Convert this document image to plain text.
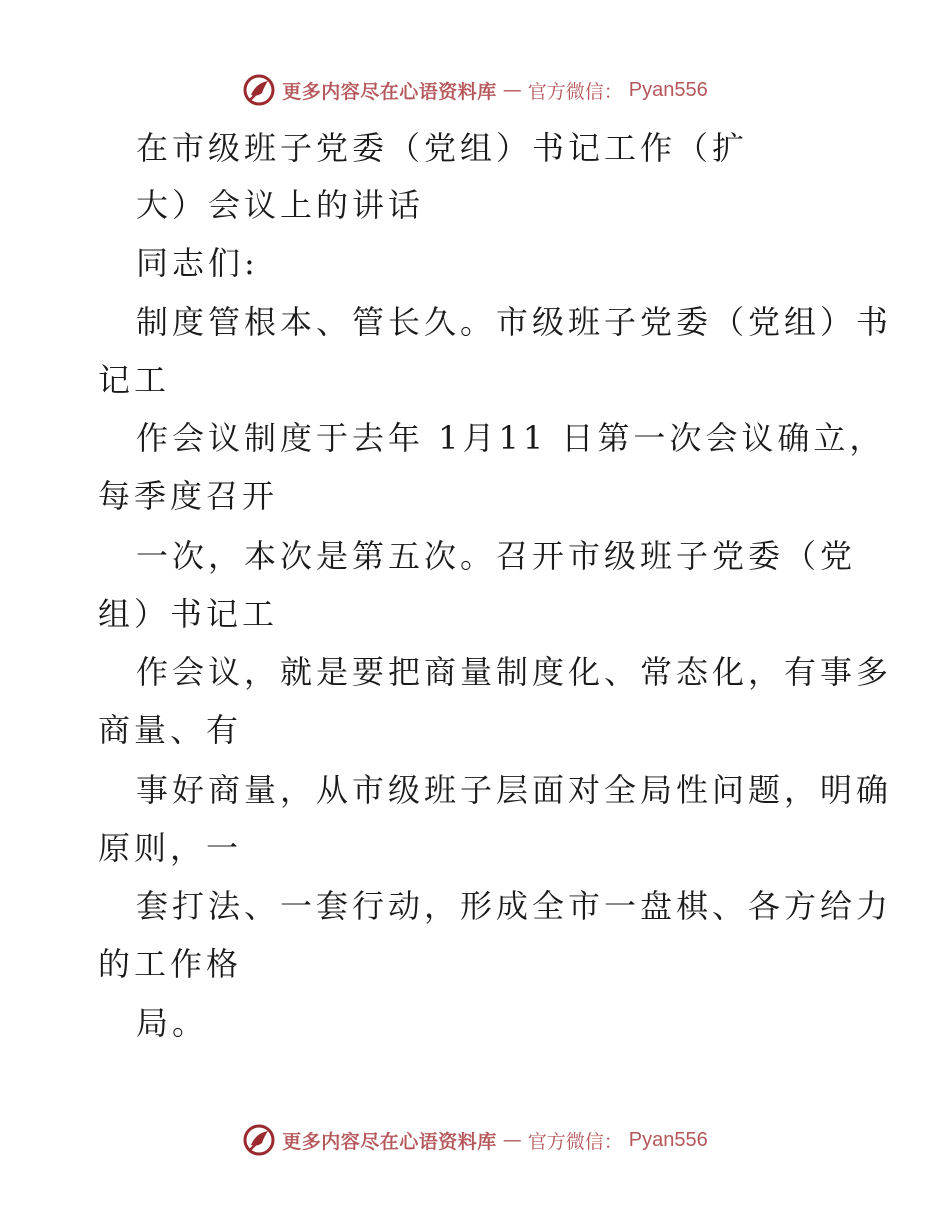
更多内容尽在心语资料库 — 官方微信： Pyan556
在市级班子党委（党组）书记工作（扩
大）会议上的讲话
同志们:
制度管根本、管长久。市级班子党委（党组）书
记工
作会议制度于去年 1月11 日第一次会议确立，
每季度召开
一次，本次是第五次。召开市级班子党委（党
组）书记工
作会议，就是要把商量制度化、常态化，有事多
商量、有
事好商量，从市级班子层面对全局性问题，明确
原则，一
套打法、一套行动，形成全市一盘棋、各方给力
的工作格
局。
更多内容尽在心语资料库 — 官方微信： Pyan556
